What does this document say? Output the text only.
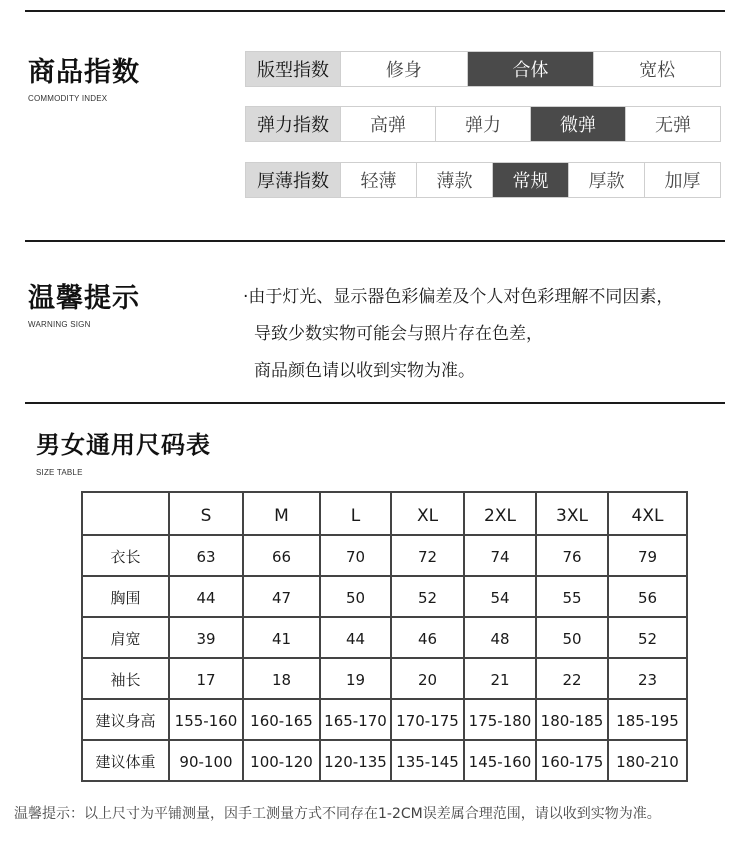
商品指数
COMMODITY INDEX
版型指数	修身	合体	宽松
弹力指数	高弹	弹力	微弹	无弹
厚薄指数	轻薄	薄款	常规	厚款	加厚
温馨提示
WARNING SIGN
·由于灯光、显示器色彩偏差及个人对色彩理解不同因素，
导致少数实物可能会与照片存在色差，
商品颜色请以收到实物为准。
男女通用尺码表
SIZE TABLE
	S	M	L	XL	2XL	3XL	4XL
衣长	63	66	70	72	74	76	79
胸围	44	47	50	52	54	55	56
肩宽	39	41	44	46	48	50	52
袖长	17	18	19	20	21	22	23
建议身高	155-160	160-165	165-170	170-175	175-180	180-185	185-195
建议体重	90-100	100-120	120-135	135-145	145-160	160-175	180-210
温馨提示：以上尺寸为平铺测量，因手工测量方式不同存在1-2CM误差属合理范围，请以收到实物为准。
